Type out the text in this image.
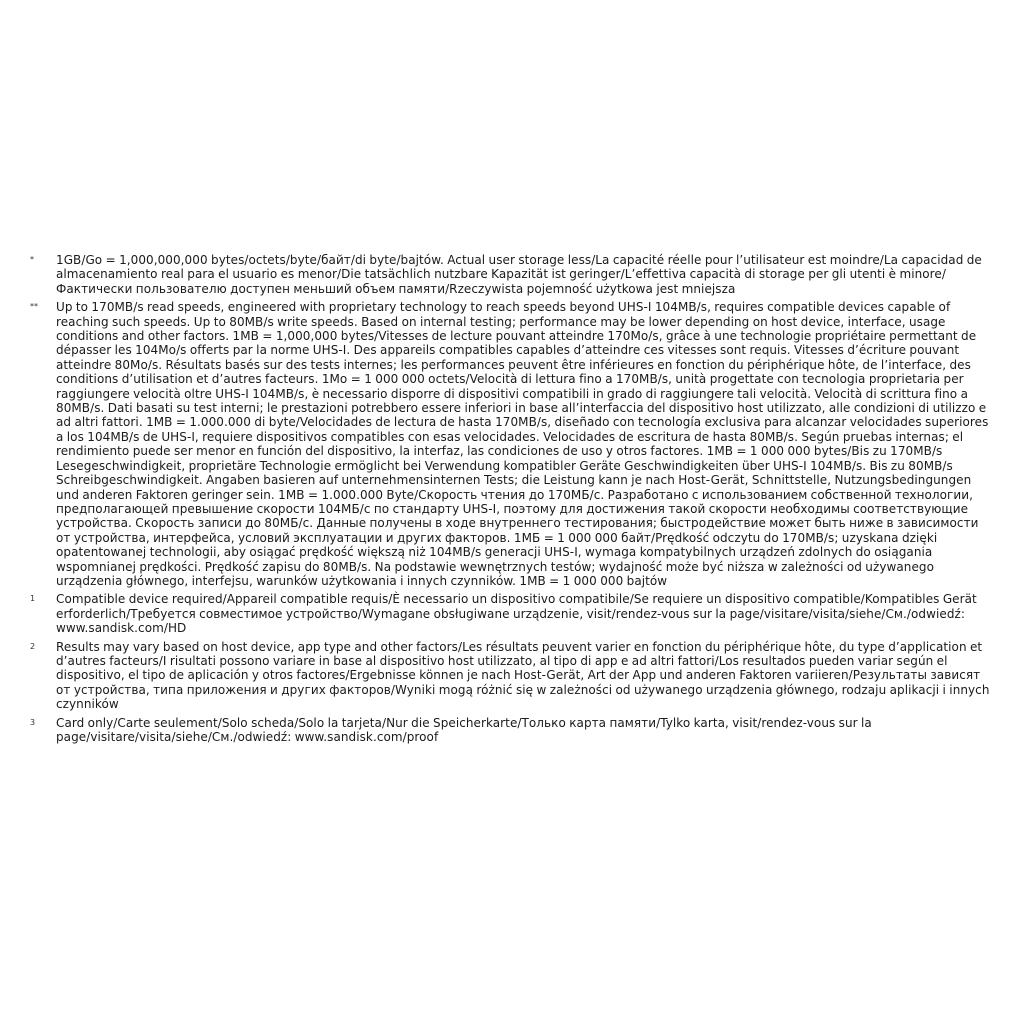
* 1GB/Go = 1,000,000,000 bytes/octets/byte/байт/di byte/bajtów. Actual user storage less/La capacité réelle pour l’utilisateur est moindre/La capacidad de almacenamiento real para el usuario es menor/Die tatsächlich nutzbare Kapazität ist geringer/L’effettiva capacità di storage per gli utenti è minore/Фактически пользователю доступен меньший объем памяти/Rzeczywista pojemność użytkowa jest mniejsza
** Up to 170MB/s read speeds, engineered with proprietary technology to reach speeds beyond UHS-I 104MB/s, requires compatible devices capable of reaching such speeds. Up to 80MB/s write speeds. Based on internal testing; performance may be lower depending on host device, interface, usage conditions and other factors. 1MB = 1,000,000 bytes/Vitesses de lecture pouvant atteindre 170Mo/s, grâce à une technologie propriétaire permettant de dépasser les 104Mo/s offerts par la norme UHS-I. Des appareils compatibles capables d’atteindre ces vitesses sont requis. Vitesses d’écriture pouvant atteindre 80Mo/s. Résultats basés sur des tests internes; les performances peuvent être inférieures en fonction du périphérique hôte, de l’interface, des conditions d’utilisation et d’autres facteurs. 1Mo = 1 000 000 octets/Velocità di lettura fino a 170MB/s, unità progettate con tecnologia proprietaria per raggiungere velocità oltre UHS-I 104MB/s, è necessario disporre di dispositivi compatibili in grado di raggiungere tali velocità. Velocità di scrittura fino a 80MB/s. Dati basati su test interni; le prestazioni potrebbero essere inferiori in base all’interfaccia del dispositivo host utilizzato, alle condizioni di utilizzo e ad altri fattori. 1MB = 1.000.000 di byte/Velocidades de lectura de hasta 170MB/s, diseñado con tecnología exclusiva para alcanzar velocidades superiores a los 104MB/s de UHS-I, requiere dispositivos compatibles con esas velocidades. Velocidades de escritura de hasta 80MB/s. Según pruebas internas; el rendimiento puede ser menor en función del dispositivo, la interfaz, las condiciones de uso y otros factores. 1MB = 1 000 000 bytes/Bis zu 170MB/s Lesegeschwindigkeit, proprietäre Technologie ermöglicht bei Verwendung kompatibler Geräte Geschwindigkeiten über UHS-I 104MB/s. Bis zu 80MB/s Schreibgeschwindigkeit. Angaben basieren auf unternehmensinternen Tests; die Leistung kann je nach Host-Gerät, Schnittstelle, Nutzungsbedingungen und anderen Faktoren geringer sein. 1MB = 1.000.000 Byte/Скорость чтения до 170МБ/с. Разработано с использованием собственной технологии, предполагающей превышение скорости 104МБ/с по стандарту UHS-I, поэтому для достижения такой скорости необходимы соответствующие устройства. Скорость записи до 80МБ/с. Данные получены в ходе внутреннего тестирования; быстродействие может быть ниже в зависимости от устройства, интерфейса, условий эксплуатации и других факторов. 1МБ = 1 000 000 байт/Prędkość odczytu do 170MB/s; uzyskana dzięki opatentowanej technologii, aby osiągać prędkość większą niż 104MB/s generacji UHS-I, wymaga kompatybilnych urządzeń zdolnych do osiągania wspomnianej prędkości. Prędkość zapisu do 80MB/s. Na podstawie wewnętrznych testów; wydajność może być niższa w zależności od używanego urządzenia głównego, interfejsu, warunków użytkowania i innych czynników. 1MB = 1 000 000 bajtów
1 Compatible device required/Appareil compatible requis/È necessario un dispositivo compatibile/Se requiere un dispositivo compatible/Kompatibles Gerät erforderlich/Требуется совместимое устройство/Wymagane obsługiwane urządzenie, visit/rendez-vous sur la page/visitare/visita/siehe/См./odwiedź: www.sandisk.com/HD
2 Results may vary based on host device, app type and other factors/Les résultats peuvent varier en fonction du périphérique hôte, du type d’application et d’autres facteurs/I risultati possono variare in base al dispositivo host utilizzato, al tipo di app e ad altri fattori/Los resultados pueden variar según el dispositivo, el tipo de aplicación y otros factores/Ergebnisse können je nach Host-Gerät, Art der App und anderen Faktoren variieren/Результаты зависят от устройства, типа приложения и других факторов/Wyniki mogą różnić się w zależności od używanego urządzenia głównego, rodzaju aplikacji i innych czynników
3 Card only/Carte seulement/Solo scheda/Solo la tarjeta/Nur die Speicherkarte/Только карта памяти/Tylko karta, visit/rendez-vous sur la page/visitare/visita/siehe/См./odwiedź: www.sandisk.com/proof
